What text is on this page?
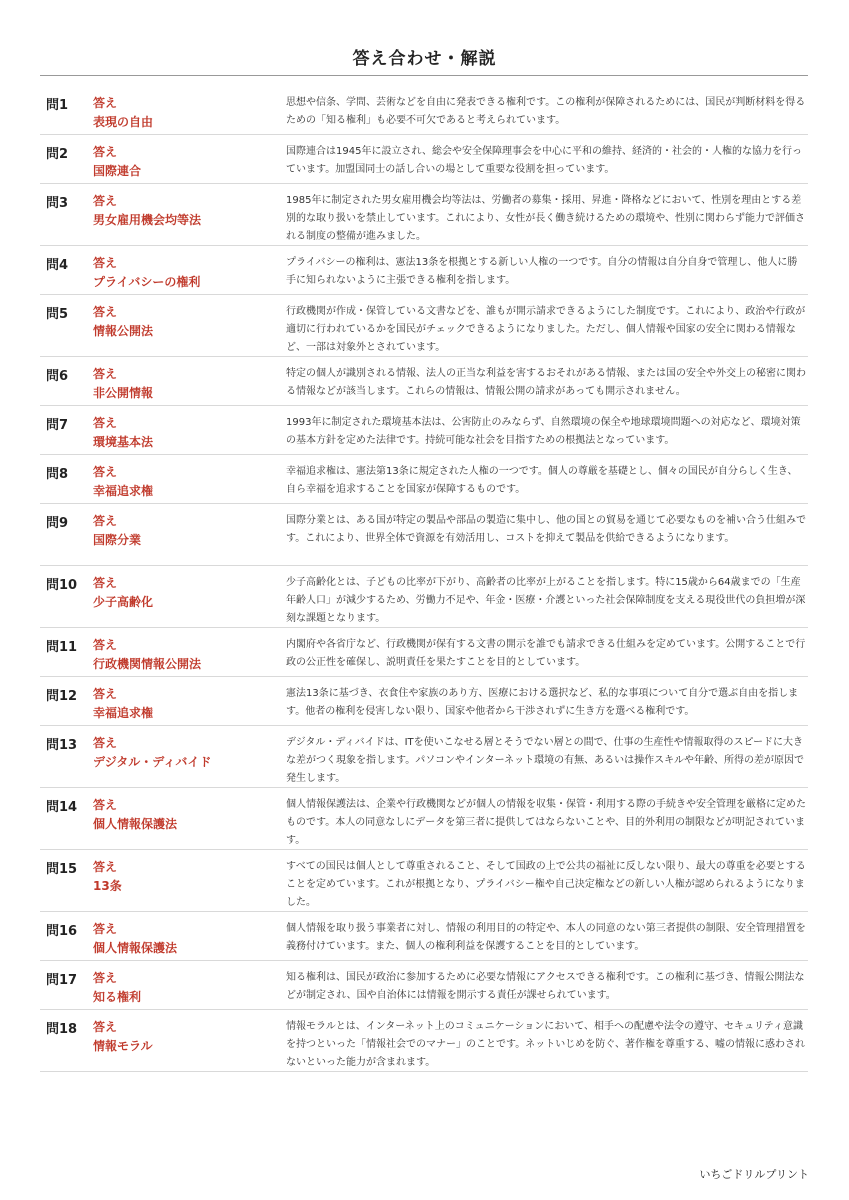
答え合わせ・解説
問1 答え
表現の自由
思想や信条、学問、芸術などを自由に発表できる権利です。この権利が保障されるためには、国民が判断材料を得るための「知る権利」も必要不可欠であると考えられています。
問2 答え
国際連合
国際連合は1945年に設立され、総会や安全保障理事会を中心に平和の維持、経済的・社会的・人権的な協力を行っています。加盟国同士の話し合いの場として重要な役割を担っています。
問3 答え
男女雇用機会均等法
1985年に制定された男女雇用機会均等法は、労働者の募集・採用、昇進・降格などにおいて、性別を理由とする差別的な取り扱いを禁止しています。これにより、女性が長く働き続けるための環境や、性別に関わらず能力で評価される制度の整備が進みました。
問4 答え
プライバシーの権利
プライバシーの権利は、憲法13条を根拠とする新しい人権の一つです。自分の情報は自分自身で管理し、他人に勝手に知られないように主張できる権利を指します。
問5 答え
情報公開法
行政機関が作成・保管している文書などを、誰もが開示請求できるようにした制度です。これにより、政治や行政が適切に行われているかを国民がチェックできるようになりました。ただし、個人情報や国家の安全に関わる情報など、一部は対象外とされています。
問6 答え
非公開情報
特定の個人が識別される情報、法人の正当な利益を害するおそれがある情報、または国の安全や外交上の秘密に関わる情報などが該当します。これらの情報は、情報公開の請求があっても開示されません。
問7 答え
環境基本法
1993年に制定された環境基本法は、公害防止のみならず、自然環境の保全や地球環境問題への対応など、環境対策の基本方針を定めた法律です。持続可能な社会を目指すための根拠法となっています。
問8 答え
幸福追求権
幸福追求権は、憲法第13条に規定された人権の一つです。個人の尊厳を基礎とし、個々の国民が自分らしく生き、自ら幸福を追求することを国家が保障するものです。
問9 答え
国際分業
国際分業とは、ある国が特定の製品や部品の製造に集中し、他の国との貿易を通じて必要なものを補い合う仕組みです。これにより、世界全体で資源を有効活用し、コストを抑えて製品を供給できるようになります。
問10 答え
少子高齢化
少子高齢化とは、子どもの比率が下がり、高齢者の比率が上がることを指します。特に15歳から64歳までの「生産年齢人口」が減少するため、労働力不足や、年金・医療・介護といった社会保障制度を支える現役世代の負担増が深刻な課題となります。
問11 答え
行政機関情報公開法
内閣府や各省庁など、行政機関が保有する文書の開示を誰でも請求できる仕組みを定めています。公開することで行政の公正性を確保し、説明責任を果たすことを目的としています。
問12 答え
幸福追求権
憲法13条に基づき、衣食住や家族のあり方、医療における選択など、私的な事項について自分で選ぶ自由を指します。他者の権利を侵害しない限り、国家や他者から干渉されずに生き方を選べる権利です。
問13 答え
デジタル・ディバイド
デジタル・ディバイドは、ITを使いこなせる層とそうでない層との間で、仕事の生産性や情報取得のスピードに大きな差がつく現象を指します。パソコンやインターネット環境の有無、あるいは操作スキルや年齢、所得の差が原因で発生します。
問14 答え
個人情報保護法
個人情報保護法は、企業や行政機関などが個人の情報を収集・保管・利用する際の手続きや安全管理を厳格に定めたものです。本人の同意なしにデータを第三者に提供してはならないことや、目的外利用の制限などが明記されています。
問15 答え
13条
すべての国民は個人として尊重されること、そして国政の上で公共の福祉に反しない限り、最大の尊重を必要とすることを定めています。これが根拠となり、プライバシー権や自己決定権などの新しい人権が認められるようになりました。
問16 答え
個人情報保護法
個人情報を取り扱う事業者に対し、情報の利用目的の特定や、本人の同意のない第三者提供の制限、安全管理措置を義務付けています。また、個人の権利利益を保護することを目的としています。
問17 答え
知る権利
知る権利は、国民が政治に参加するために必要な情報にアクセスできる権利です。この権利に基づき、情報公開法などが制定され、国や自治体には情報を開示する責任が課せられています。
問18 答え
情報モラル
情報モラルとは、インターネット上のコミュニケーションにおいて、相手への配慮や法令の遵守、セキュリティ意識を持つといった「情報社会でのマナー」のことです。ネットいじめを防ぐ、著作権を尊重する、嘘の情報に惑わされないといった能力が含まれます。
いちごドリルプリント
